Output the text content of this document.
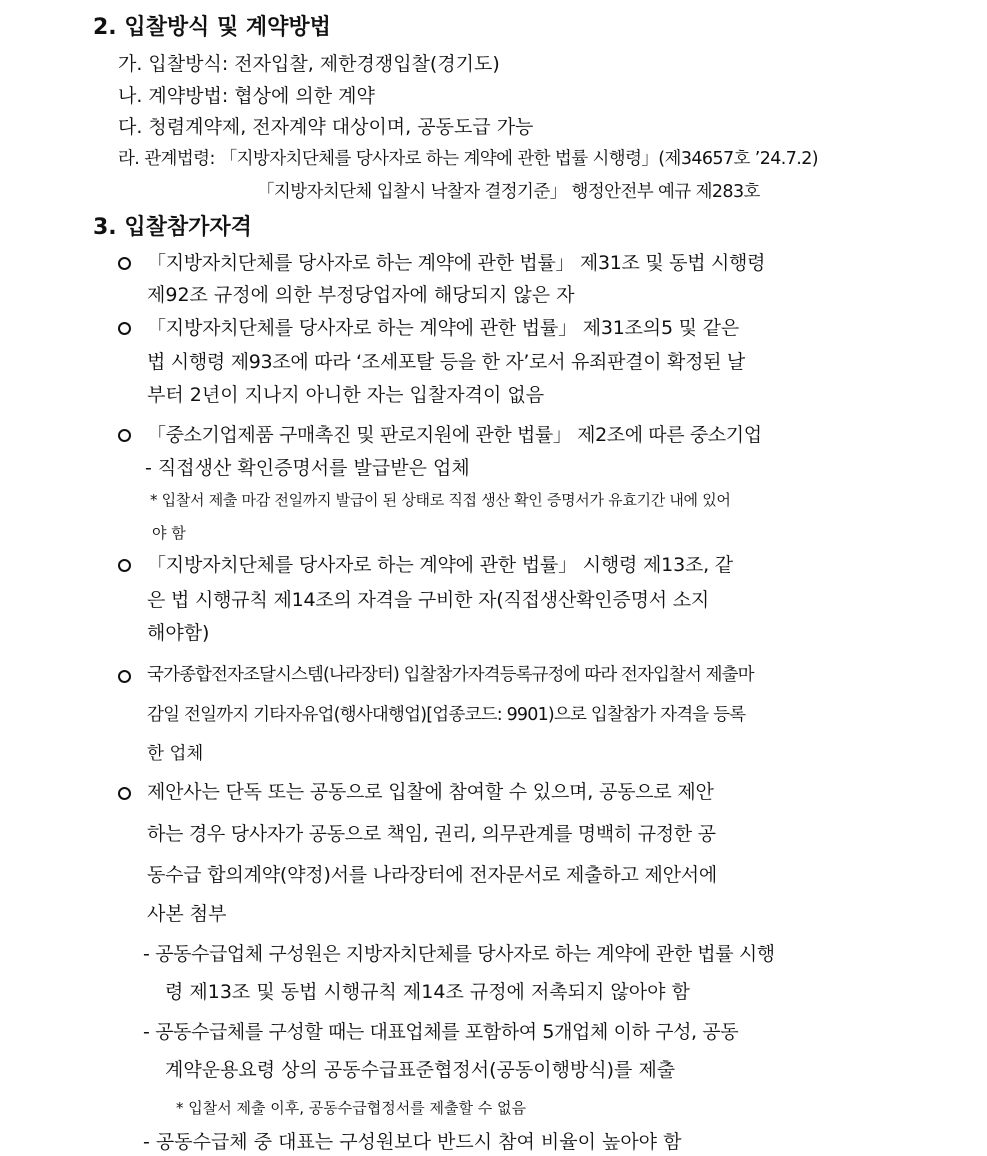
2. 입찰방식 및 계약방법
가. 입찰방식: 전자입찰, 제한경쟁입찰(경기도)
나. 계약방법: 협상에 의한 계약
다. 청렴계약제, 전자계약 대상이며, 공동도급 가능
라. 관계법령: 「지방자치단체를 당사자로 하는 계약에 관한 법률 시행령」(제34657호 ’24.7.2)
「지방자치단체 입찰시 낙찰자 결정기준」 행정안전부 예규 제283호
3. 입찰참가자격
「지방자치단체를 당사자로 하는 계약에 관한 법률」 제31조 및 동법 시행령
제92조 규정에 의한 부정당업자에 해당되지 않은 자
「지방자치단체를 당사자로 하는 계약에 관한 법률」 제31조의5 및 같은
법 시행령 제93조에 따라 ‘조세포탈 등을 한 자’로서 유죄판결이 확정된 날
부터 2년이 지나지 아니한 자는 입찰자격이 없음
「중소기업제품 구매촉진 및 판로지원에 관한 법률」 제2조에 따른 중소기업
- 직접생산 확인증명서를 발급받은 업체
* 입찰서 제출 마감 전일까지 발급이 된 상태로 직접 생산 확인 증명서가 유효기간 내에 있어
야 함
「지방자치단체를 당사자로 하는 계약에 관한 법률」 시행령 제13조, 같
은 법 시행규칙 제14조의 자격을 구비한 자(직접생산확인증명서 소지
해야함)
국가종합전자조달시스템(나라장터) 입찰참가자격등록규정에 따라 전자입찰서 제출마
감일 전일까지 기타자유업(행사대행업)[업종코드: 9901)으로 입찰참가 자격을 등록
한 업체
제안사는 단독 또는 공동으로 입찰에 참여할 수 있으며, 공동으로 제안
하는 경우 당사자가 공동으로 책임, 권리, 의무관계를 명백히 규정한 공
동수급 합의계약(약정)서를 나라장터에 전자문서로 제출하고 제안서에
사본 첨부
- 공동수급업체 구성원은 지방자치단체를 당사자로 하는 계약에 관한 법률 시행
령 제13조 및 동법 시행규칙 제14조 규정에 저촉되지 않아야 함
- 공동수급체를 구성할 때는 대표업체를 포함하여 5개업체 이하 구성, 공동
계약운용요령 상의 공동수급표준협정서(공동이행방식)를 제출
* 입찰서 제출 이후, 공동수급협정서를 제출할 수 없음
- 공동수급체 중 대표는 구성원보다 반드시 참여 비율이 높아야 함
